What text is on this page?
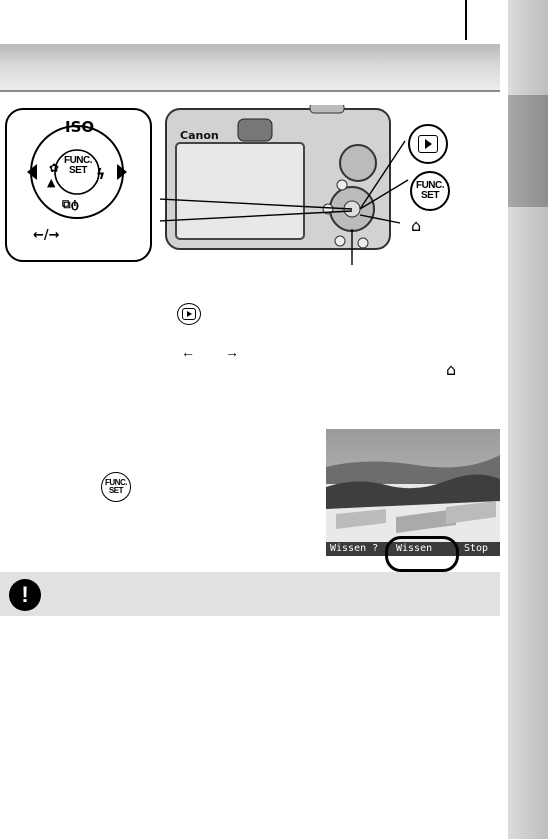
✿
▲	ϟ
⧉ტ
ISO
FUNC.
SET
←/→
Canon
FUNC.
SET
⌂
← →
⌂
FUNC.
SET
Wissen ? Wissen	Stop
!
